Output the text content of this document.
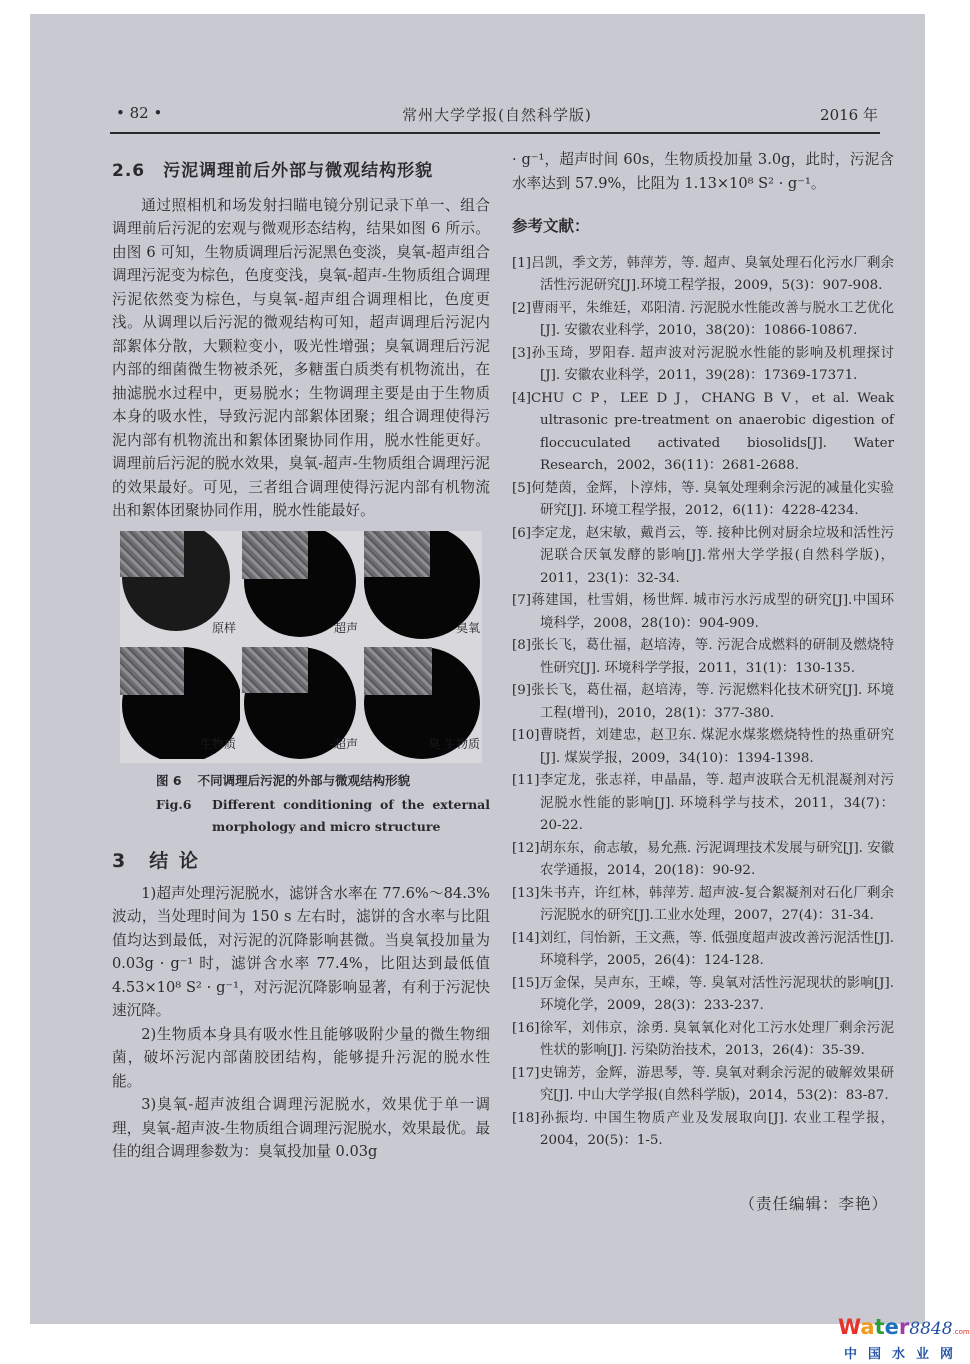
• 82 •	常州大学学报(自然科学版)	2016 年
2.6 污泥调理前后外部与微观结构形貌

通过照相机和场发射扫瞄电镜分别记录下单一、组合调理前后污泥的宏观与微观形态结构，结果如图 6 所示。由图 6 可知，生物质调理后污泥黑色变淡，臭氧-超声组合调理污泥变为棕色，色度变浅，臭氧-超声-生物质组合调理污泥依然变为棕色，与臭氧-超声组合调理相比，色度更浅。从调理以后污泥的微观结构可知，超声调理后污泥内部絮体分散，大颗粒变小，吸光性增强；臭氧调理后污泥内部的细菌微生物被杀死，多糖蛋白质类有机物流出，在抽滤脱水过程中，更易脱水；生物调理主要是由于生物质本身的吸水性，导致污泥内部絮体团聚；组合调理使得污泥内部有机物流出和絮体团聚协同作用，脱水性能更好。调理前后污泥的脱水效果，臭氧-超声-生物质组合调理污泥的效果最好。可见，三者组合调理使得污泥内部有机物流出和絮体团聚协同作用，脱水性能最好。

原样	超声	臭氧
生物质	-超声	臭 生物质
图 6 不同调理后污泥的外部与微观结构形貌
Fig.6 Different conditioning of the external morphology and micro structure
3 结 论

1)超声处理污泥脱水，滤饼含水率在 77.6%～84.3%波动，当处理时间为 150 s 左右时，滤饼的含水率与比阻值均达到最低，对污泥的沉降影响甚微。当臭氧投加量为 0.03g · g⁻¹ 时，滤饼含水率 77.4%，比阻达到最低值 4.53×10⁸ S² · g⁻¹，对污泥沉降影响显著，有利于污泥快速沉降。

2)生物质本身具有吸水性且能够吸附少量的微生物细菌，破坏污泥内部菌胶团结构，能够提升污泥的脱水性能。

3)臭氧-超声波组合调理污泥脱水，效果优于单一调理，臭氧-超声波-生物质组合调理污泥脱水，效果最优。最佳的组合调理参数为：臭氧投加量 0.03g

· g⁻¹，超声时间 60s，生物质投加量 3.0g，此时，污泥含水率达到 57.9%，比阻为 1.13×10⁸ S² · g⁻¹。

参考文献：
[1]吕凯，季文芳，韩萍芳，等. 超声、臭氧处理石化污水厂剩余活性污泥研究[J].环境工程学报，2009，5(3)：907-908.
[2]曹雨平，朱维廷，邓阳清. 污泥脱水性能改善与脱水工艺优化[J]. 安徽农业科学，2010，38(20)：10866-10867.
[3]孙玉琦，罗阳春. 超声波对污泥脱水性能的影响及机理探讨[J]. 安徽农业科学，2011，39(28)：17369-17371.
[4]CHU C P，LEE D J，CHANG B V，et al. Weak ultrasonic pre-treatment on anaerobic digestion of floccuculated activated biosolids[J]. Water Research，2002，36(11)：2681-2688.
[5]何楚茵，金辉，卜淳炜，等. 臭氧处理剩余污泥的减量化实验研究[J]. 环境工程学报，2012，6(11)：4228-4234.
[6]李定龙，赵宋敏，戴肖云，等. 接种比例对厨余垃圾和活性污泥联合厌氧发酵的影响[J].常州大学学报(自然科学版)，2011，23(1)：32-34.
[7]蒋建国，杜雪娟，杨世辉. 城市污水污成型的研究[J].中国环境科学，2008，28(10)：904-909.
[8]张长飞，葛仕福，赵培涛，等. 污泥合成燃料的研制及燃烧特性研究[J]. 环境科学学报，2011，31(1)：130-135.
[9]张长飞，葛仕福，赵培涛，等. 污泥燃料化技术研究[J]. 环境工程(增刊)，2010，28(1)：377-380.
[10]曹晓哲，刘建忠，赵卫东. 煤泥水煤浆燃烧特性的热重研究[J]. 煤炭学报，2009，34(10)：1394-1398.
[11]李定龙，张志祥，申晶晶，等. 超声波联合无机混凝剂对污泥脱水性能的影响[J]. 环境科学与技术，2011，34(7)：20-22.
[12]胡东东，俞志敏，易允燕. 污泥调理技术发展与研究[J]. 安徽农学通报，2014，20(18)：90-92.
[13]朱书卉，许红林，韩萍芳. 超声波-复合絮凝剂对石化厂剩余污泥脱水的研究[J].工业水处理，2007，27(4)：31-34.
[14]刘红，闫怡新，王文燕，等. 低强度超声波改善污泥活性[J]. 环境科学，2005，26(4)：124-128.
[15]万金保，吴声东，王嵘，等. 臭氧对活性污泥现状的影响[J]. 环境化学，2009，28(3)：233-237.
[16]徐军，刘伟京，涂勇. 臭氧氧化对化工污水处理厂剩余污泥性状的影响[J]. 污染防治技术，2013，26(4)：35-39.
[17]史锦芳，金辉，游思琴，等. 臭氧对剩余污泥的破解效果研究[J]. 中山大学学报(自然科学版)，2014，53(2)：83-87.
[18]孙振均. 中国生物质产业及发展取向[J]. 农业工程学报，2004，20(5)：1-5.
（责任编辑：李艳）
Water8848.com
中国水业网
